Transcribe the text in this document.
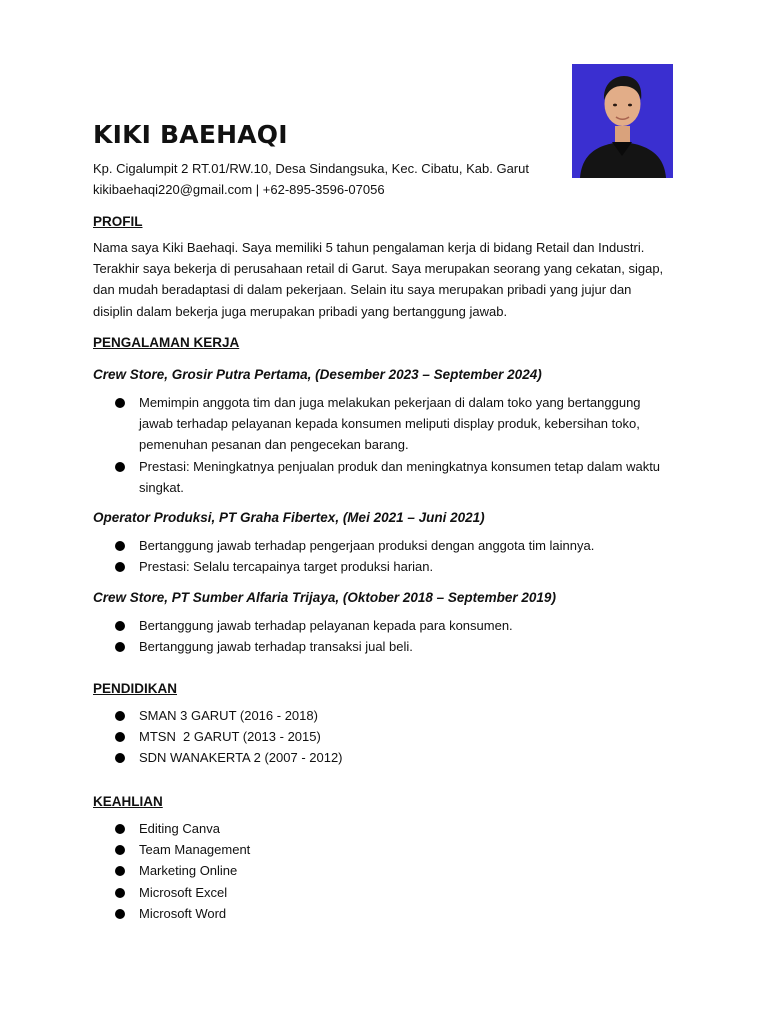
KIKI BAEHAQI
Kp. Cigalumpit 2 RT.01/RW.10, Desa Sindangsuka, Kec. Cibatu, Kab. Garut
kikibaehaqi220@gmail.com | +62-895-3596-07056
PROFIL

Nama saya Kiki Baehaqi. Saya memiliki 5 tahun pengalaman kerja di bidang Retail dan Industri. Terakhir saya bekerja di perusahaan retail di Garut. Saya merupakan seorang yang cekatan, sigap, dan mudah beradaptasi di dalam pekerjaan. Selain itu saya merupakan pribadi yang jujur dan disiplin dalam bekerja juga merupakan pribadi yang bertanggung jawab.

PENGALAMAN KERJA
Crew Store, Grosir Putra Pertama, (Desember 2023 – September 2024)
Memimpin anggota tim dan juga melakukan pekerjaan di dalam toko yang bertanggung jawab terhadap pelayanan kepada konsumen meliputi display produk, kebersihan toko, pemenuhan pesanan dan pengecekan barang.
Prestasi: Meningkatnya penjualan produk dan meningkatnya konsumen tetap dalam waktu singkat.
Operator Produksi, PT Graha Fibertex, (Mei 2021 – Juni 2021)
Bertanggung jawab terhadap pengerjaan produksi dengan anggota tim lainnya.
Prestasi: Selalu tercapainya target produksi harian.
Crew Store, PT Sumber Alfaria Trijaya, (Oktober 2018 – September 2019)
Bertanggung jawab terhadap pelayanan kepada para konsumen.
Bertanggung jawab terhadap transaksi jual beli.
PENDIDIKAN
SMAN 3 GARUT (2016 - 2018)
MTSN  2 GARUT (2013 - 2015)
SDN WANAKERTA 2 (2007 - 2012)
KEAHLIAN
Editing Canva
Team Management
Marketing Online
Microsoft Excel
Microsoft Word
